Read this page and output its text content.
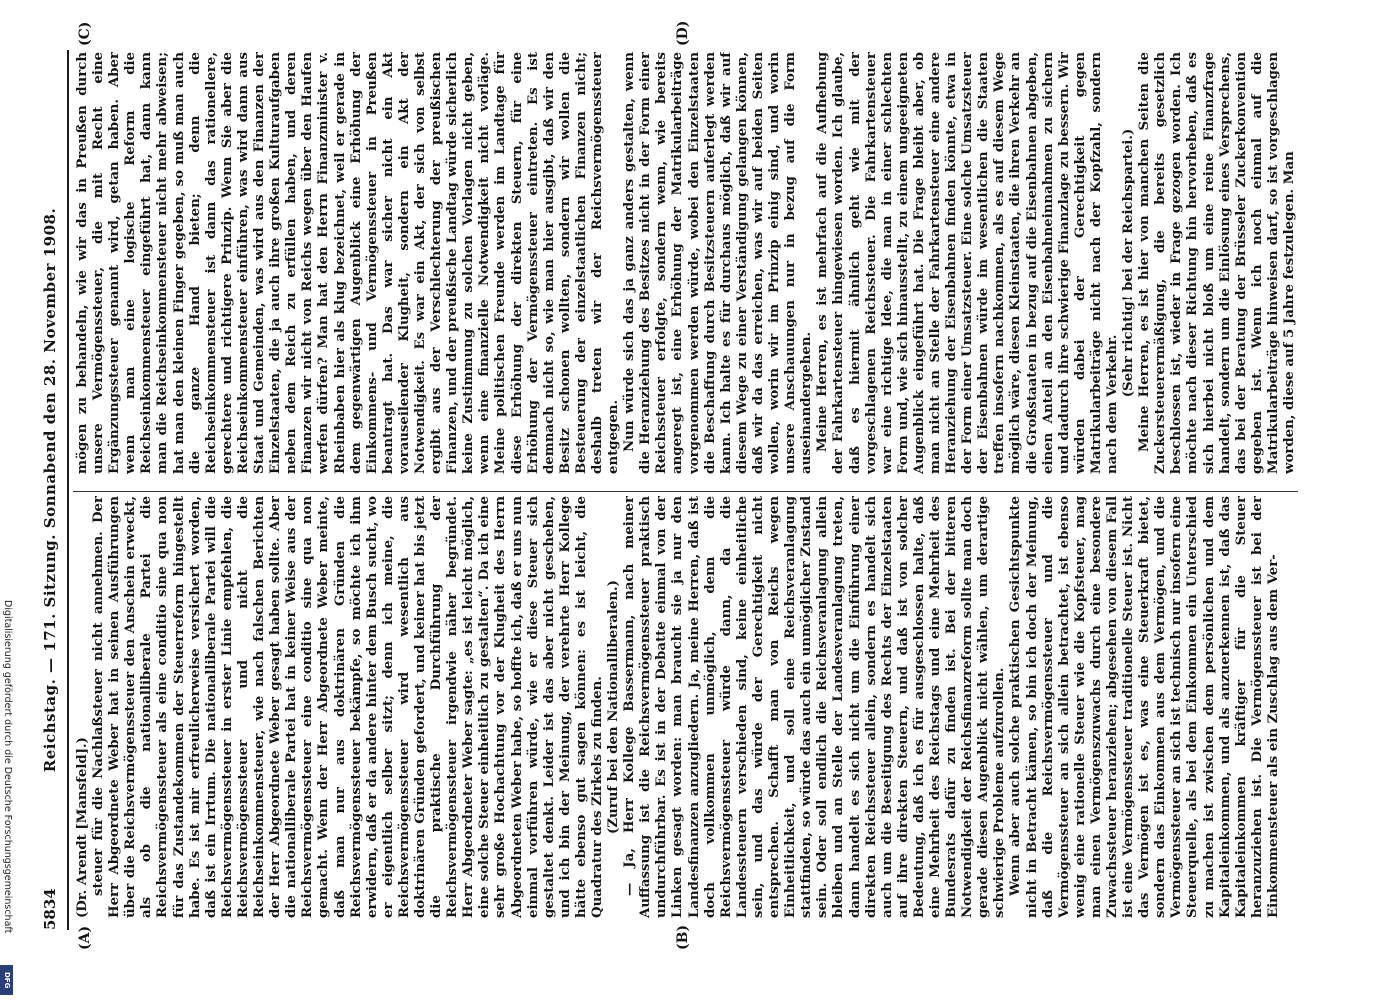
5834
Reichstag. — 171. Sitzung. Sonnabend den 28. November 1908.
(A)	(B)
(C)	(D)

(Dr. Arendt [Mansfeld].) steuer für die Nachlaßsteuer nicht annehmen. Der Herr Abgeordnete Weber hat in seinen Ausführungen über die Reichsvermögenssteuer den Anschein erweckt, als ob die nationalliberale Partei die Reichsvermögenssteuer als eine conditio sine qua non für das Zustandekommen der Steuerreform hingestellt habe. Es ist mir erfreulicherweise versichert worden, daß ist ein Irrtum. Die nationalliberale Partei will die Reichsvermögenssteuer in erster Linie empfehlen, die Reichsvermögenssteuer und nicht die Reichseinkommensteuer, wie nach falschen Berichten der Herr Abgeordnete Weber gesagt haben sollte. Aber die nationalliberale Partei hat in keiner Weise aus der Reichsvermögenssteuer eine conditio sine qua non gemacht. Wenn der Herr Abgeordnete Weber meinte, daß man nur aus doktrinären Gründen die Reichsvermögenssteuer bekämpfe, so möchte ich ihm erwidern, daß er da andere hinter dem Busch sucht, wo er eigentlich selber sitzt; denn ich meine, die Reichsvermögenssteuer wird wesentlich aus doktrinären Gründen gefordert, und keiner hat bis jetzt die praktische Durchführung der Reichsvermögenssteuer irgendwie näher begründet. Herr Abgeordneter Weber sagte: „es ist leicht möglich, eine solche Steuer einheitlich zu gestalten“. Da ich eine sehr große Hochachtung vor der Klugheit des Herrn Abgeordneten Weber habe, so hoffte ich, daß er uns nun einmal vorführen würde, wie er diese Steuer sich gestaltet denkt. Leider ist das aber nicht geschehen, und ich bin der Meinung, der verehrte Herr Kollege hätte ebenso gut sagen können: es ist leicht, die Quadratur des Zirkels zu finden. (Zuruf bei den Nationalliberalen.) — Ja, Herr Kollege Bassermann, nach meiner Auffassung ist die Reichsvermögenssteuer praktisch undurchführbar. Es ist in der Debatte einmal von der Linken gesagt worden: man braucht sie ja nur den Landesfinanzen anzugliedern. Ja, meine Herren, daß ist doch vollkommen unmöglich, denn die Reichsvermögenssteuer würde dann, da die Landessteuern verschieden sind, keine einheitliche sein, und das würde der Gerechtigkeit nicht entsprechen. Schafft man von Reichs wegen Einheitlichkeit, und soll eine Reichsveranlagung stattfinden, so würde das auch ein unmöglicher Zustand sein. Oder soll endlich die Reichsveranlagung allein bleiben und an Stelle der Landesveranlagung treten, dann handelt es sich nicht um die Einführung einer direkten Reichssteuer allein, sondern es handelt sich auch um die Beseitigung des Rechts der Einzelstaaten auf ihre direkten Steuern, und daß ist von solcher Bedeutung, daß ich es für ausgeschlossen halte, daß eine Mehrheit des Reichstags und eine Mehrheit des Bundesrats dafür zu finden ist. Bei der bitteren Notwendigkeit der Reichsfinanzreform sollte man doch gerade diesen Augenblick nicht wählen, um derartige schwierige Probleme aufzurollen. Wenn aber auch solche praktischen Gesichtspunkte nicht in Betracht kämen, so bin ich doch der Meinung, daß die Reichsvermögenssteuer und die Vermögenssteuer an sich allein betrachtet, ist ebenso wenig eine rationelle Steuer wie die Kopfsteuer, mag man einen Vermögenszuwachs durch eine besondere Zuwachssteuer heranziehen; abgesehen von diesem Fall ist eine Vermögenssteuer traditionelle Steuer ist. Nicht das Vermögen ist es, was eine Steuerkraft bietet, sondern das Einkommen aus dem Vermögen, und die Vermögenssteuer an sich ist technisch nur insofern eine Steuerquelle, als bei dem Einkommen ein Unterschied zu machen ist zwischen dem persönlichen und dem Kapitaleinkommen, und als anzuerkennen ist, daß das Kapitaleinkommen kräftiger für die Steuer heranzuziehen ist. Die Vermögenssteuer ist bei der Einkommensteuer als ein Zuschlag aus dem Ver-

mögen zu behandeln, wie wir das in Preußen durch unsere Vermögenssteuer, die mit Recht eine Ergänzungssteuer genannt wird, getan haben. Aber wenn man eine logische Reform die Reichseinkommensteuer eingeführt hat, dann kann man die Reichseinkommensteuer nicht mehr abweisen; hat man den kleinen Finger gegeben, so muß man auch die ganze Hand bieten; denn die Reichseinkommensteuer ist dann das rationellere, gerechtere und richtigere Prinzip. Wenn Sie aber die Reichseinkommensteuer einführen, was wird dann aus Staat und Gemeinden, was wird aus den Finanzen der Einzelstaaten, die ja auch ihre großen Kulturaufgaben neben dem Reich zu erfüllen haben, und deren Finanzen wir nicht von Reichs wegen über den Haufen werfen dürfen? Man hat den Herrn Finanzminister v. Rheinbaben hier als klug bezeichnet, weil er gerade in dem gegenwärtigen Augenblick eine Erhöhung der Einkommens- und Vermögenssteuer in Preußen beantragt hat. Das war sicher nicht ein Akt vorauseilender Klugheit, sondern ein Akt der Notwendigkeit. Es war ein Akt, der sich von selbst ergibt aus der Verschlechterung der preußischen Finanzen, und der preußische Landtag würde sicherlich keine Zustimmung zu solchen Vorlagen nicht geben, wenn eine finanzielle Notwendigkeit nicht vorläge. Meine politischen Freunde werden im Landtage für diese Erhöhung der direkten Steuern, für eine Erhöhung der Vermögenssteuer eintreten. Es ist demnach nicht so, wie man hier ausgibt, daß wir den Besitz schonen wollten, sondern wir wollen die Besteuerung der einzelstaatlichen Finanzen nicht; deshalb treten wir der Reichsvermögenssteuer entgegen. Nun würde sich das ja ganz anders gestalten, wenn die Heranziehung des Besitzes nicht in der Form einer Reichssteuer erfolgte, sondern wenn, wie bereits angeregt ist, eine Erhöhung der Matrikularbeiträge vorgenommen werden würde, wobei den Einzelstaaten die Beschaffung durch Besitzsteuern auferlegt werden kann. Ich halte es für durchaus möglich, daß wir auf diesem Wege zu einer Verständigung gelangen können, daß wir da das erreichen, was wir auf beiden Seiten wollen, worin wir im Prinzip einig sind, und worin unsere Anschauungen nur in bezug auf die Form auseinandergehen. Meine Herren, es ist mehrfach auf die Aufhebung der Fahrkartensteuer hingewiesen worden. Ich glaube, daß es hiermit ähnlich geht wie mit der vorgeschlagenen Reichssteuer. Die Fahrkartensteuer war eine richtige Idee, die man in einer schlechten Form und, wie sich hinausstellt, zu einem ungeeigneten Augenblick eingeführt hat. Die Frage bleibt aber, ob man nicht an Stelle der Fahrkartensteuer eine andere Heranziehung der Eisenbahnen finden könnte, etwa in der Form einer Umsatzsteuer. Eine solche Umsatzsteuer der Eisenbahnen würde im wesentlichen die Staaten treffen insofern nachkommen, als es auf diesem Wege möglich wäre, diesen Kleinstaaten, die ihren Verkehr an die Großstaaten in bezug auf die Eisenbahnen abgeben, einen Anteil an den Eisenbahneinnahmen zu sichern und dadurch ihre schwierige Finanzlage zu bessern. Wir würden dabei der Gerechtigkeit gegen Matrikularbeiträge nicht nach der Kopfzahl, sondern nach dem Verkehr.

(Sehr richtig! bei der Reichspartei.) Meine Herren, es ist hier von manchen Seiten die Zuckersteuerermäßigung, die bereits gesetzlich beschlossen ist, wieder in Frage gezogen worden. Ich möchte nach dieser Richtung hin hervorheben, daß es sich hierbei nicht bloß um eine reine Finanzfrage handelt, sondern um die Einlösung eines Versprechens, das bei der Beratung der Brüsseler Zuckerkonvention gegeben ist. Wenn ich noch einmal auf die Matrikularbeiträge hinweisen darf, so ist vorgeschlagen worden, diese auf 5 Jahre festzulegen. Man

Digitalisierung gefördert durch die Deutsche Forschungsgemeinschaft
DFG
